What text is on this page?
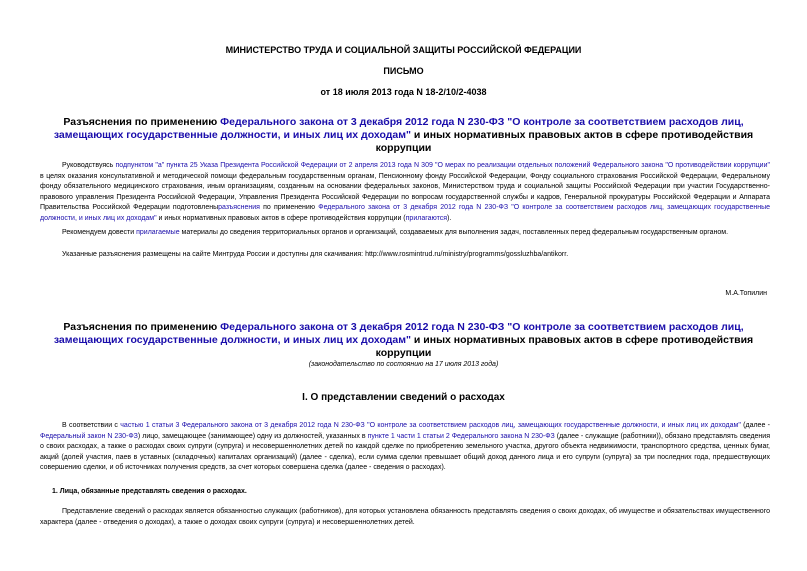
МИНИСТЕРСТВО ТРУДА И СОЦИАЛЬНОЙ ЗАЩИТЫ РОССИЙСКОЙ ФЕДЕРАЦИИ
ПИСЬМО
от 18 июля 2013 года N 18-2/10/2-4038
Разъяснения по применению Федерального закона от 3 декабря 2012 года N 230-ФЗ "О контроле за соответствием расходов лиц, замещающих государственные должности, и иных лиц их доходам" и иных нормативных правовых актов в сфере противодействия коррупции
Руководствуясь подпунктом "а" пункта 25 Указа Президента Российской Федерации от 2 апреля 2013 года N 309 "О мерах по реализации отдельных положений Федерального закона "О противодействии коррупции" в целях оказания консультативной и методической помощи федеральным государственным органам, Пенсионному фонду Российской Федерации, Фонду социального страхования Российской Федерации, Федеральному фонду обязательного медицинского страхования, иным организациям, созданным на основании федеральных законов, Министерством труда и социальной защиты Российской Федерации при участии Государственно-правового управления Президента Российской Федерации, Управления Президента Российской Федерации по вопросам государственной службы и кадров, Генеральной прокуратуры Российской Федерации и Аппарата Правительства Российской Федерации подготовленыразъяснения по применению Федерального закона от 3 декабря 2012 года N 230-ФЗ "О контроле за соответствием расходов лиц, замещающих государственные должности, и иных лиц их доходам" и иных нормативных правовых актов в сфере противодействия коррупции (прилагаются).
Рекомендуем довести прилагаемые материалы до сведения территориальных органов и организаций, создаваемых для выполнения задач, поставленных перед федеральным государственным органом.
Указанные разъяснения размещены на сайте Минтруда России и доступны для скачивания: http://www.rosmintrud.ru/ministry/programms/gossluzhba/antikorr.
М.А.Топилин
Разъяснения по применению Федерального закона от 3 декабря 2012 года N 230-ФЗ "О контроле за соответствием расходов лиц, замещающих государственные должности, и иных лиц их доходам" и иных нормативных правовых актов в сфере противодействия коррупции
(законодательство по состоянию на 17 июля 2013 года)
I. О представлении сведений о расходах
В соответствии с частью 1 статьи 3 Федерального закона от 3 декабря 2012 года N 230-ФЗ "О контроле за соответствием расходов лиц, замещающих государственные должности, и иных лиц их доходам" (далее - Федеральный закон N 230-ФЗ) лицо, замещающее (занимающее) одну из должностей, указанных в пункте 1 части 1 статьи 2 Федерального закона N 230-ФЗ (далее - служащие (работники)), обязано представлять сведения о своих расходах, а также о расходах своих супруги (супруга) и несовершеннолетних детей по каждой сделке по приобретению земельного участка, другого объекта недвижимости, транспортного средства, ценных бумаг, акций (долей участия, паев в уставных (складочных) капиталах организаций) (далее - сделка), если сумма сделки превышает общий доход данного лица и его супруги (супруга) за три последних года, предшествующих совершению сделки, и об источниках получения средств, за счет которых совершена сделка (далее - сведения о расходах).
1. Лица, обязанные представлять сведения о расходах.
Представление сведений о расходах является обязанностью служащих (работников), для которых установлена обязанность представлять сведения о своих доходах, об имуществе и обязательствах имущественного характера (далее - отведения о доходах), а также о доходах своих супруги (супруга) и несовершеннолетних детей.
